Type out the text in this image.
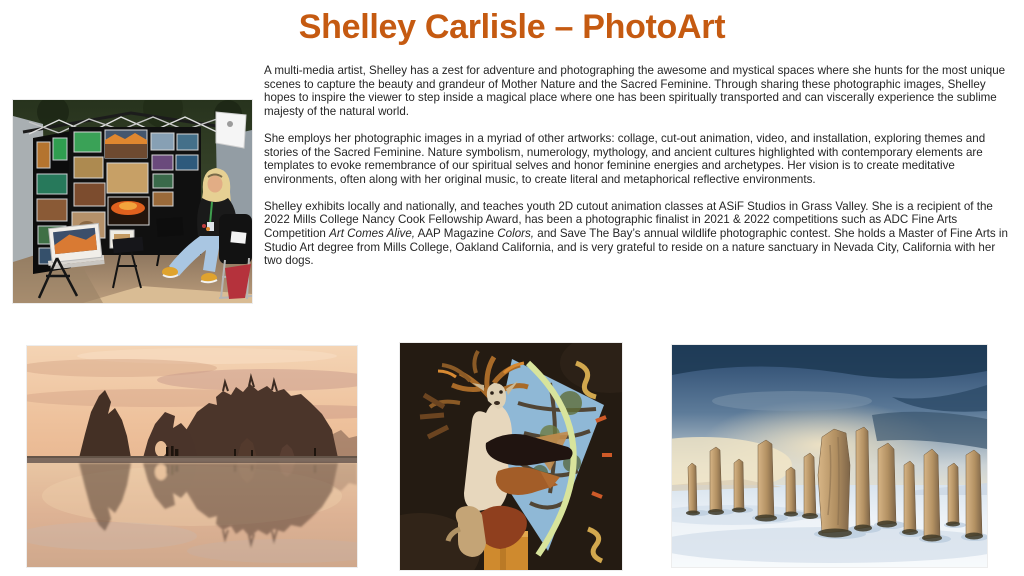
Shelley Carlisle – PhotoArt

A multi-media artist, Shelley has a zest for adventure and photographing the awesome and mystical spaces where she hunts for the most unique scenes to capture the beauty and grandeur of Mother Nature and the Sacred Feminine. Through sharing these photographic images, Shelley hopes to inspire the viewer to step inside a magical place where one has been spiritually transported and can viscerally experience the sublime majesty of the natural world.

She employs her photographic images in a myriad of other artworks: collage, cut-out animation, video, and installation, exploring themes and stories of the Sacred Feminine. Nature symbolism, numerology, mythology, and ancient cultures highlighted with contemporary elements are templates to evoke remembrance of our spiritual selves and honor feminine energies and archetypes. Her vision is to create meditative environments, often along with her original music, to create literal and metaphorical reflective environments.

Shelley exhibits locally and nationally, and teaches youth 2D cutout animation classes at ASiF Studios in Grass Valley. She is a recipient of the 2022 Mills College Nancy Cook Fellowship Award, has been a photographic finalist in 2021 & 2022 competitions such as ADC Fine Arts Competition Art Comes Alive, AAP Magazine Colors, and Save The Bay’s annual wildlife photographic contest. She holds a Master of Fine Arts in Studio Art degree from Mills College, Oakland California, and is very grateful to reside on a nature sanctuary in Nevada City, California with her two dogs.
